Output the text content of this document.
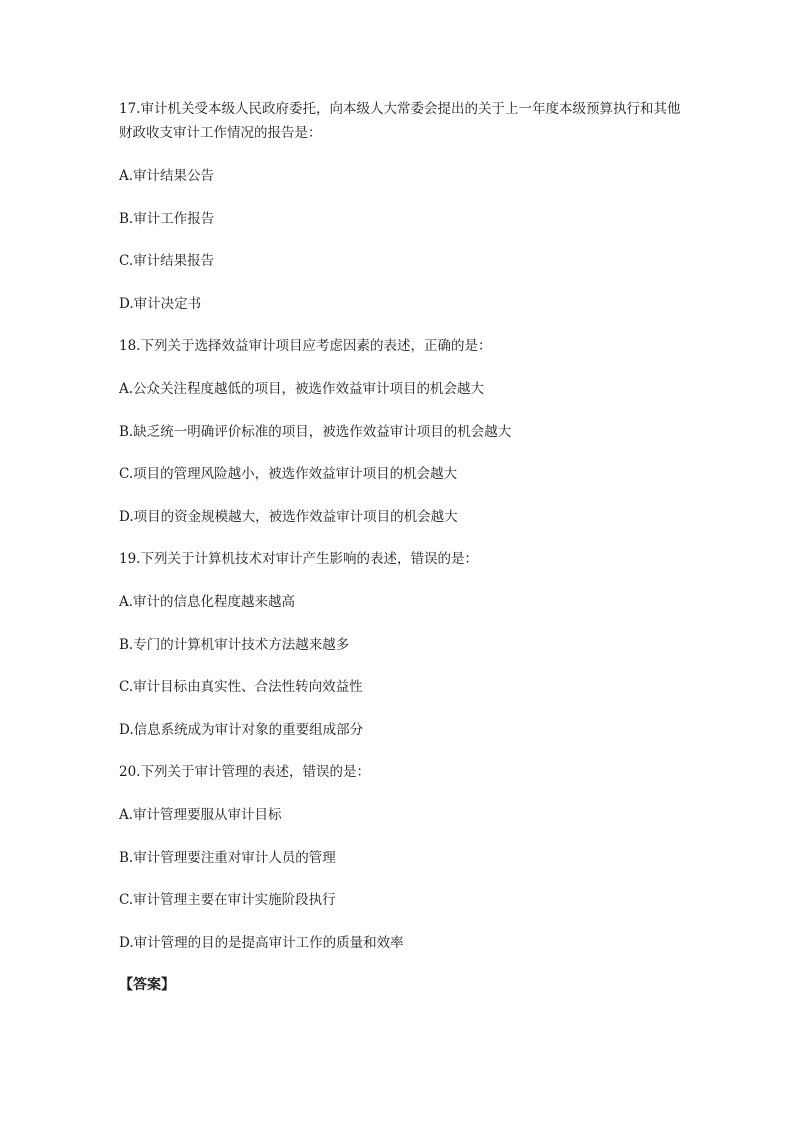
17.审计机关受本级人民政府委托，向本级人大常委会提出的关于上一年度本级预算执行和其他财政收支审计工作情况的报告是：
A.审计结果公告
B.审计工作报告
C.审计结果报告
D.审计决定书
18.下列关于选择效益审计项目应考虑因素的表述，正确的是：
A.公众关注程度越低的项目，被选作效益审计项目的机会越大
B.缺乏统一明确评价标准的项目，被选作效益审计项目的机会越大
C.项目的管理风险越小，被选作效益审计项目的机会越大
D.项目的资金规模越大，被选作效益审计项目的机会越大
19.下列关于计算机技术对审计产生影响的表述，错误的是：
A.审计的信息化程度越来越高
B.专门的计算机审计技术方法越来越多
C.审计目标由真实性、合法性转向效益性
D.信息系统成为审计对象的重要组成部分
20.下列关于审计管理的表述，错误的是：
A.审计管理要服从审计目标
B.审计管理要注重对审计人员的管理
C.审计管理主要在审计实施阶段执行
D.审计管理的目的是提高审计工作的质量和效率
【答案】
